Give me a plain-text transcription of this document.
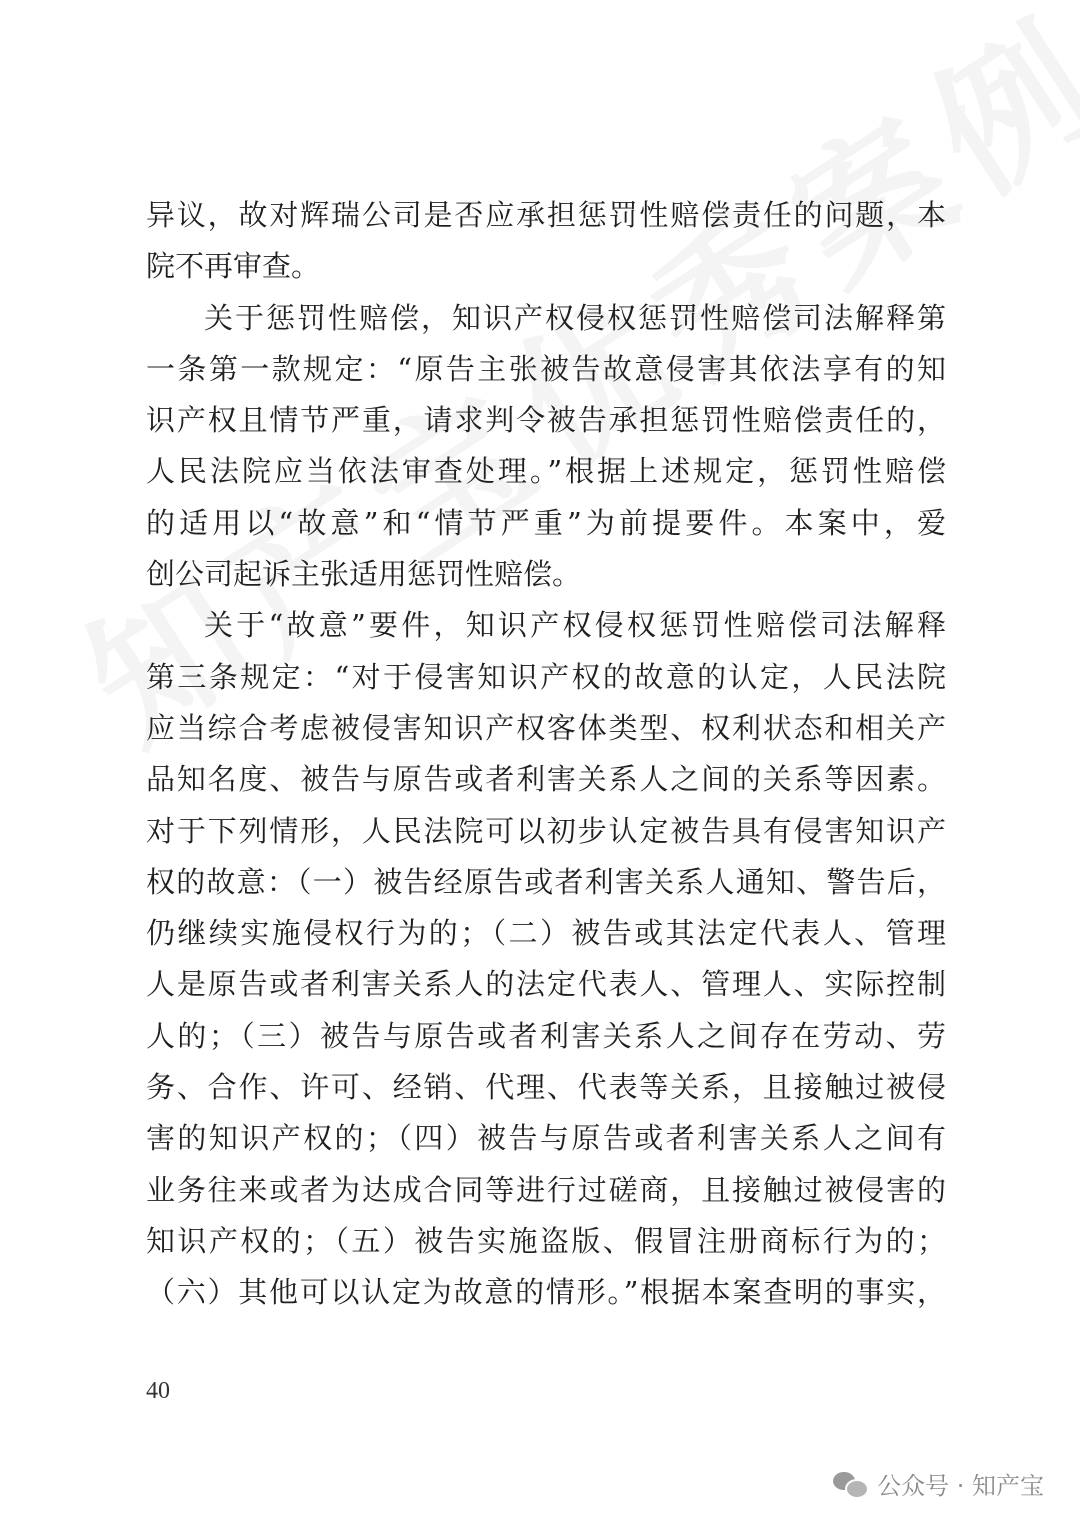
异议，故对辉瑞公司是否应承担惩罚性赔偿责任的问题，本
院不再审查。
关于惩罚性赔偿，知识产权侵权惩罚性赔偿司法解释第
一条第一款规定：“原告主张被告故意侵害其依法享有的知
识产权且情节严重，请求判令被告承担惩罚性赔偿责任的，
人民法院应当依法审查处理。”根据上述规定，惩罚性赔偿
的适用以“故意”和“情节严重”为前提要件。本案中，爱
创公司起诉主张适用惩罚性赔偿。
关于“故意”要件，知识产权侵权惩罚性赔偿司法解释
第三条规定：“对于侵害知识产权的故意的认定，人民法院
应当综合考虑被侵害知识产权客体类型、权利状态和相关产
品知名度、被告与原告或者利害关系人之间的关系等因素。
对于下列情形，人民法院可以初步认定被告具有侵害知识产
权的故意：（一）被告经原告或者利害关系人通知、警告后，
仍继续实施侵权行为的；（二）被告或其法定代表人、管理
人是原告或者利害关系人的法定代表人、管理人、实际控制
人的；（三）被告与原告或者利害关系人之间存在劳动、劳
务、合作、许可、经销、代理、代表等关系，且接触过被侵
害的知识产权的；（四）被告与原告或者利害关系人之间有
业务往来或者为达成合同等进行过磋商，且接触过被侵害的
知识产权的；（五）被告实施盗版、假冒注册商标行为的；
（六）其他可以认定为故意的情形。”根据本案查明的事实，
40
公众号 · 知产宝
